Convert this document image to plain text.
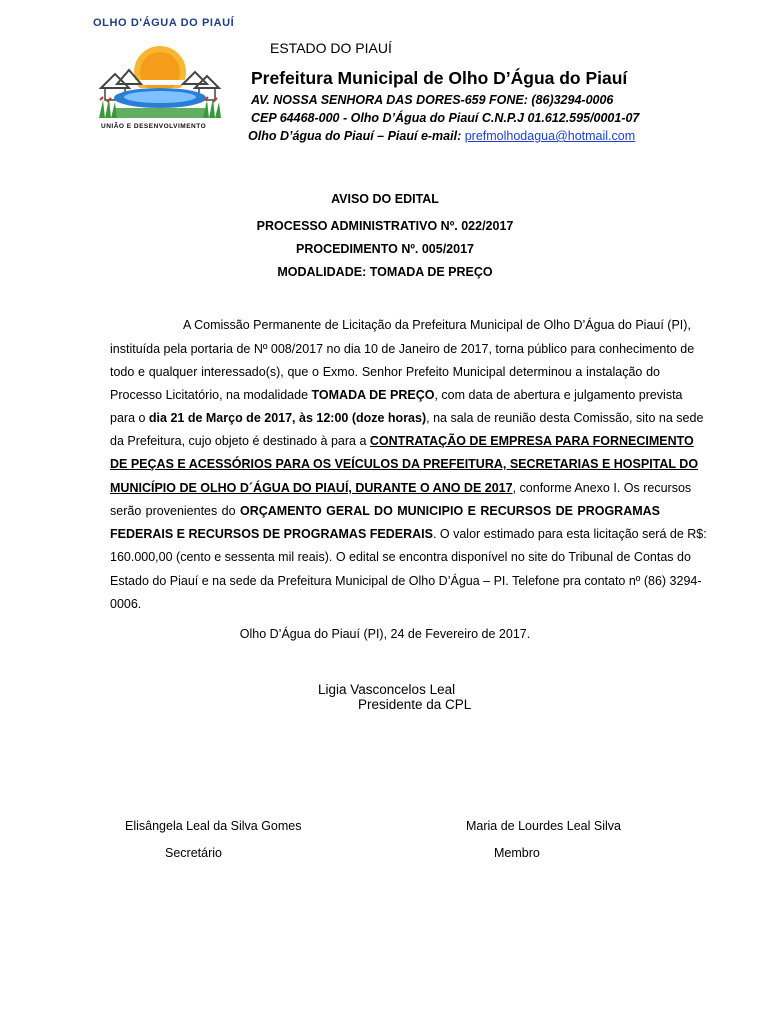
OLHO D'ÁGUA DO PIAUÍ
UNIÃO E DESENVOLVIMENTO
ESTADO DO PIAUÍ
Prefeitura Municipal de Olho D’Água do Piauí
AV. NOSSA SENHORA DAS DORES-659 FONE: (86)3294-0006
CEP 64468-000 - Olho D’Água do Piauí C.N.P.J 01.612.595/0001-07
Olho D’água do Piauí – Piauí e-mail: prefmolhodagua@hotmail.com
AVISO DO EDITAL
PROCESSO ADMINISTRATIVO Nº. 022/2017
PROCEDIMENTO Nº. 005/2017
MODALIDADE: TOMADA DE PREÇO
A Comissão Permanente de Licitação da Prefeitura Municipal de Olho D’Água do Piauí (PI),
instituída pela portaria de Nº 008/2017 no dia 10 de Janeiro de 2017, torna público para conhecimento de
todo e qualquer interessado(s), que o Exmo. Senhor Prefeito Municipal determinou a instalação do
Processo Licitatório, na modalidade TOMADA DE PREÇO, com data de abertura e julgamento prevista
para o dia 21 de Março de 2017, às 12:00 (doze horas), na sala de reunião desta Comissão, sito na sede
da Prefeitura, cujo objeto é destinado à para a CONTRATAÇÃO DE EMPRESA PARA FORNECIMENTO
DE PEÇAS E ACESSÓRIOS PARA OS VEÍCULOS DA PREFEITURA, SECRETARIAS E HOSPITAL DO
MUNICÍPIO DE OLHO D´ÁGUA DO PIAUÍ, DURANTE O ANO DE 2017, conforme Anexo I. Os recursos
serão provenientes do ORÇAMENTO GERAL DO MUNICIPIO E RECURSOS DE PROGRAMAS
FEDERAIS E RECURSOS DE PROGRAMAS FEDERAIS. O valor estimado para esta licitação será de R$:
160.000,00 (cento e sessenta mil reais). O edital se encontra disponível no site do Tribunal de Contas do
Estado do Piauí e na sede da Prefeitura Municipal de Olho D’Água – PI. Telefone pra contato nº (86) 3294-
0006.
Olho D’Água do Piauí (PI), 24 de Fevereiro de 2017.
Ligia Vasconcelos Leal
Presidente da CPL
Elisângela Leal da Silva Gomes
Secretário
Maria de Lourdes Leal Silva
Membro
